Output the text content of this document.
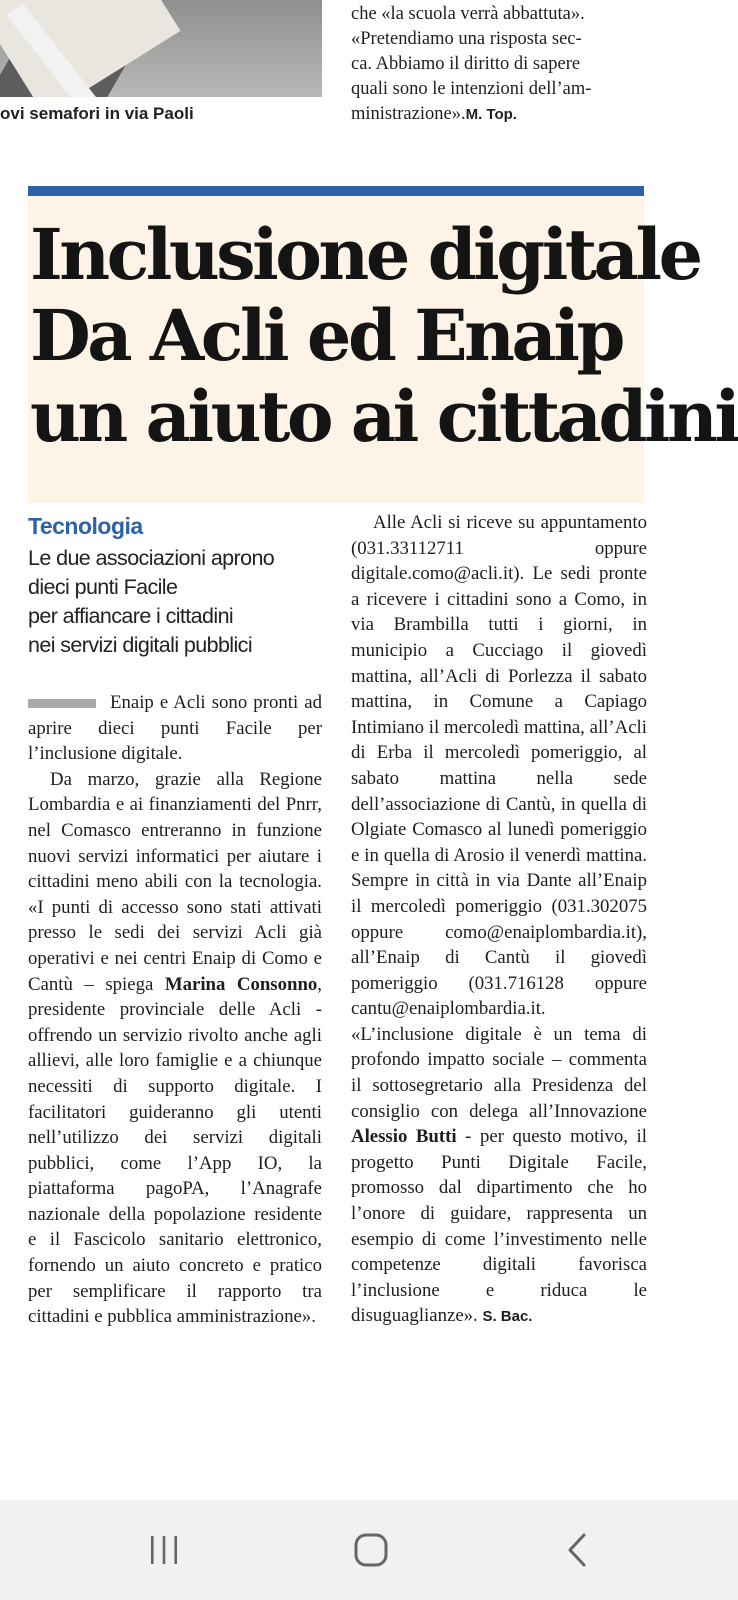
ovi semafori in via Paoli

che «la scuola verrà abbattuta».

«Pretendiamo una risposta sec-

ca. Abbiamo il diritto di sapere

quali sono le intenzioni dell’am-

ministrazione».M. Top.

Inclusione digitale
Da Acli ed Enaip
un aiuto ai cittadini
Tecnologia
Le due associazioni aprono
dieci punti Facile
per affiancare i cittadini
nei servizi digitali pubblici

Enaip e Acli sono pronti ad aprire dieci punti Facile per l’inclusione digitale.

Da marzo, grazie alla Regione Lombardia e ai finanziamenti del Pnrr, nel Comasco entreranno in funzione nuovi servizi informatici per aiutare i cittadini meno abili con la tecnologia. «I punti di accesso sono stati attivati presso le sedi dei servizi Acli già operativi e nei centri Enaip di Como e Cantù – spiega Marina Consonno, presidente provinciale delle Acli - offrendo un servizio rivolto anche agli allievi, alle loro famiglie e a chiunque necessiti di supporto digitale. I facilitatori guideranno gli utenti nell’utilizzo dei servizi digitali pubblici, come l’App IO, la piattaforma pagoPA, l’Anagrafe nazionale della popolazione residente e il Fascicolo sanitario elettronico, fornendo un aiuto concreto e pratico per semplificare il rapporto tra cittadini e pubblica amministrazione».

Alle Acli si riceve su appuntamento (031.33112711 oppure digitale.como@acli.it). Le sedi pronte a ricevere i cittadini sono a Como, in via Brambilla tutti i giorni, in municipio a Cucciago il giovedì mattina, all’Acli di Porlezza il sabato mattina, in Comune a Capiago Intimiano il mercoledì mattina, all’Acli di Erba il mercoledì pomeriggio, al sabato mattina nella sede dell’associazione di Cantù, in quella di Olgiate Comasco al lunedì pomeriggio e in quella di Arosio il venerdì mattina. Sempre in città in via Dante all’Enaip il mercoledì pomeriggio (031.302075 oppure como@enaiplombardia.it), all’Enaip di Cantù il giovedì pomeriggio (031.716128 oppure cantu@enaiplombardia.it. «L’inclusione digitale è un tema di profondo impatto sociale – commenta il sottosegretario alla Presidenza del consiglio con delega all’Innovazione Alessio Butti - per questo motivo, il progetto Punti Digitale Facile, promosso dal dipartimento che ho l’onore di guidare, rappresenta un esempio di come l’investimento nelle competenze digitali favorisca l’inclusione e riduca le disuguaglianze». S. Bac.
